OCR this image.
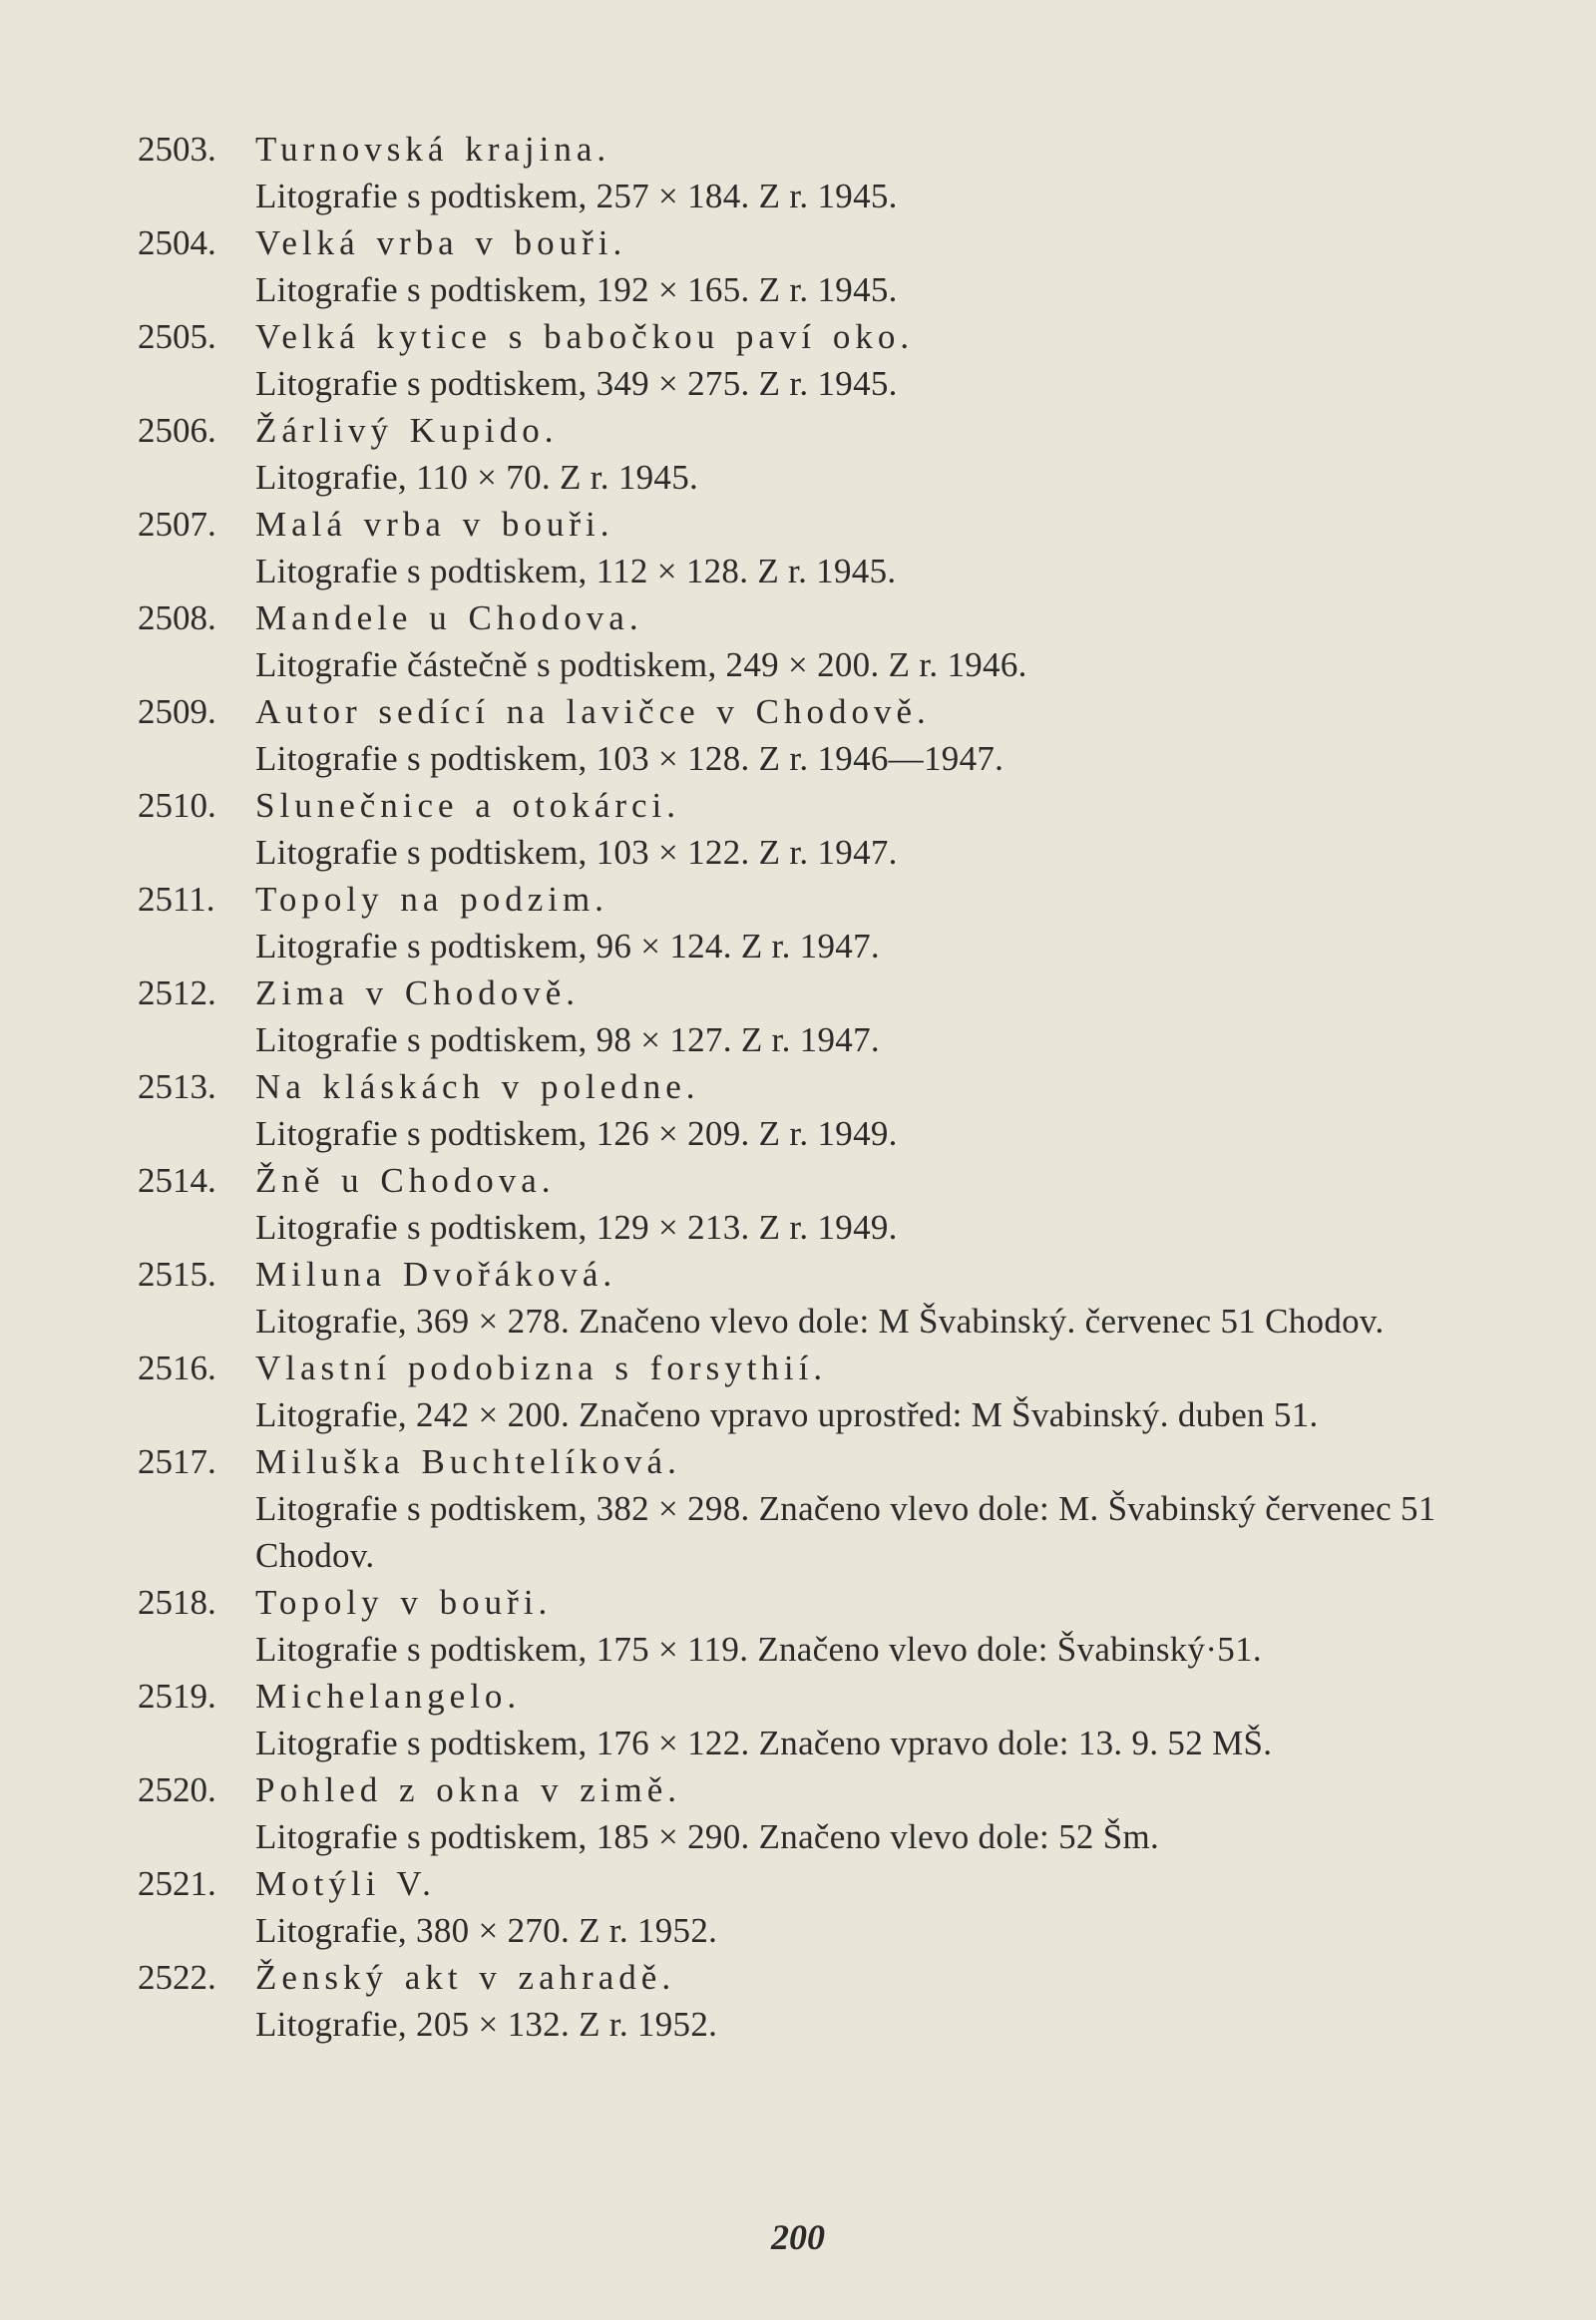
2503.	Turnovská krajina.
Litografie s podtiskem, 257 × 184. Z r. 1945.
2504.	Velká vrba v bouři.
Litografie s podtiskem, 192 × 165. Z r. 1945.
2505.	Velká kytice s babočkou paví oko.
Litografie s podtiskem, 349 × 275. Z r. 1945.
2506.	Žárlivý Kupido.
Litografie, 110 × 70. Z r. 1945.
2507.	Malá vrba v bouři.
Litografie s podtiskem, 112 × 128. Z r. 1945.
2508.	Mandele u Chodova.
Litografie částečně s podtiskem, 249 × 200. Z r. 1946.
2509.	Autor sedící na lavičce v Chodově.
Litografie s podtiskem, 103 × 128. Z r. 1946—1947.
2510.	Slunečnice a otokárci.
Litografie s podtiskem, 103 × 122. Z r. 1947.
2511.	Topoly na podzim.
Litografie s podtiskem, 96 × 124. Z r. 1947.
2512.	Zima v Chodově.
Litografie s podtiskem, 98 × 127. Z r. 1947.
2513.	Na kláskách v poledne.
Litografie s podtiskem, 126 × 209. Z r. 1949.
2514.	Žně u Chodova.
Litografie s podtiskem, 129 × 213. Z r. 1949.
2515.	Miluna Dvořáková.
Litografie, 369 × 278. Značeno vlevo dole: M Švabinský. červenec 51 Chodov.
2516.	Vlastní podobizna s forsythií.
Litografie, 242 × 200. Značeno vpravo uprostřed: M Švabinský. duben 51.
2517.	Miluška Buchtelíková.
Litografie s podtiskem, 382 × 298. Značeno vlevo dole: M. Švabinský červenec 51 Chodov.
2518.	Topoly v bouři.
Litografie s podtiskem, 175 × 119. Značeno vlevo dole: Švabinský·51.
2519.	Michelangelo.
Litografie s podtiskem, 176 × 122. Značeno vpravo dole: 13. 9. 52 MŠ.
2520.	Pohled z okna v zimě.
Litografie s podtiskem, 185 × 290. Značeno vlevo dole: 52 Šm.
2521.	Motýli V.
Litografie, 380 × 270. Z r. 1952.
2522.	Ženský akt v zahradě.
Litografie, 205 × 132. Z r. 1952.
200
